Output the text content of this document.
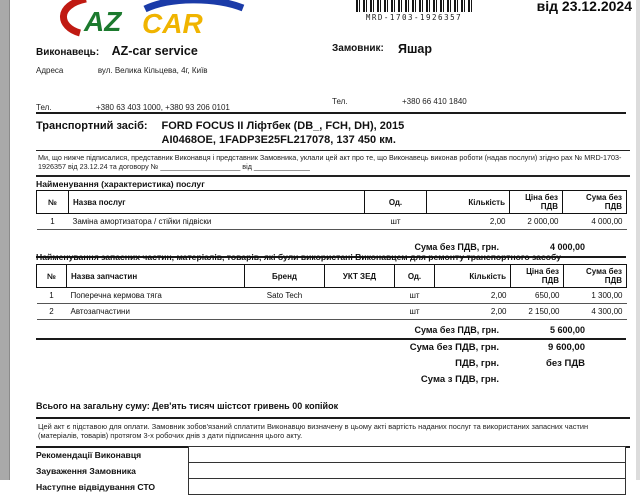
AZ CAR	MRD-1703-1926357
від 23.12.2024
Виконавець: AZ-car service	Замовник: Яшар
Адреса	вул. Велика Кільцева, 4г, Київ
Тел.	+380 63 403 1000, +380 93 206 0101
Тел.	+380 66 410 1840
Транспортний засіб: FORD FOCUS II Ліфтбек (DB_, FCH, DH), 2015
AI0468OE, 1FADP3E25FL217078, 137 450 км.
Ми, що нижче підписалися, представник Виконавця і представник Замовника, уклали цей акт про те, що Виконавець виконав роботи (надав послуги) згідно рах № MRD-1703-1926357 від 23.12.24 та договору № ____________________ від ______________
Найменування (характеристика) послуг
№	Назва послуг	Од.	Кількість	Ціна без ПДВ	Сума без ПДВ
1	Заміна амортизатора / стійки підвіски	шт	2,00	2 000,00	4 000,00
Сума без ПДВ, грн.	4 000,00
Найменування запасних частин, матеріалів, товарів, які були використані Виконавцем для ремонту транспортного засобу
№	Назва запчастин	Бренд	УКТ ЗЕД	Од.	Кількість	Ціна без ПДВ	Сума без ПДВ
1	Поперечна кермова тяга	Sato Tech		шт	2,00	650,00	1 300,00
2	Автозапчастини			шт	2,00	2 150,00	4 300,00
Сума без ПДВ, грн.	5 600,00
Сума без ПДВ, грн.	9 600,00
ПДВ, грн.	без ПДВ
Сума з ПДВ, грн.
Всього на загальну суму: Дев'ять тисяч шістсот гривень 00 копійок
Цей акт є підставою для оплати. Замовник зобов'язаний сплатити Виконавцю визначену в цьому акті вартість наданих послуг та використаних запасних частин (матеріалів, товарів) протягом 3-х робочих днів з дати підписання цього акту.
Рекомендації Виконавця
Зауваження Замовника
Наступне відвідування СТО
